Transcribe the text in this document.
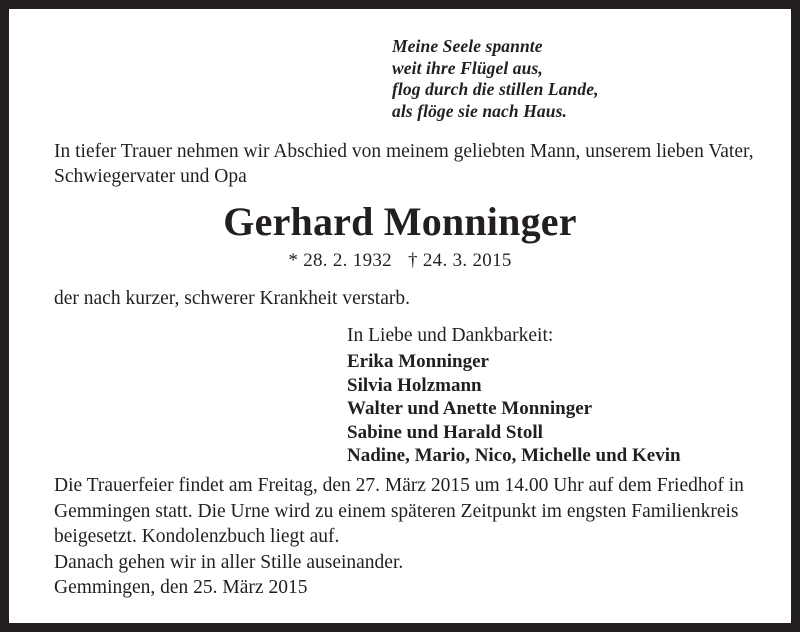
Meine Seele spannte
weit ihre Flügel aus,
flog durch die stillen Lande,
als flöge sie nach Haus.
In tiefer Trauer nehmen wir Abschied von meinem geliebten Mann, unserem lieben Vater, Schwiegervater und Opa
Gerhard Monninger
* 28. 2. 1932 † 24. 3. 2015
der nach kurzer, schwerer Krankheit verstarb.
In Liebe und Dankbarkeit:
Erika Monninger
Silvia Holzmann
Walter und Anette Monninger
Sabine und Harald Stoll
Nadine, Mario, Nico, Michelle und Kevin
Die Trauerfeier findet am Freitag, den 27. März 2015 um 14.00 Uhr auf dem Friedhof in Gemmingen statt. Die Urne wird zu einem späteren Zeitpunkt im engsten Familienkreis beigesetzt. Kondolenzbuch liegt auf.
Danach gehen wir in aller Stille auseinander.
Gemmingen, den 25. März 2015
